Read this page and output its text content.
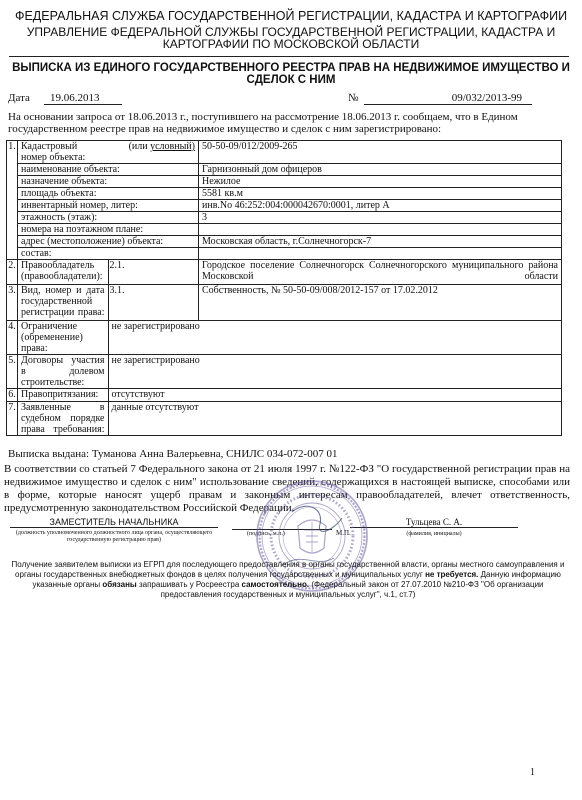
ФЕДЕРАЛЬНАЯ СЛУЖБА ГОСУДАРСТВЕННОЙ РЕГИСТРАЦИИ, КАДАСТРА И КАРТОГРАФИИ
УПРАВЛЕНИЕ ФЕДЕРАЛЬНОЙ СЛУЖБЫ ГОСУДАРСТВЕННОЙ РЕГИСТРАЦИИ, КАДАСТРА И КАРТОГРАФИИ ПО МОСКОВСКОЙ ОБЛАСТИ
ВЫПИСКА ИЗ ЕДИНОГО ГОСУДАРСТВЕННОГО РЕЕСТРА ПРАВ НА НЕДВИЖИМОЕ ИМУЩЕСТВО И СДЕЛОК С НИМ
Дата	19.06.2013	№	09/032/2013-99
На основании запроса от 18.06.2013 г., поступившего на рассмотрение 18.06.2013 г. сообщаем, что в Едином государственном реестре прав на недвижимое имущество и сделок с ним зарегистрировано:
1.	Кадастровый (или условный)
номер объекта:		50-50-09/012/2009-265
	наименование объекта:		Гарнизонный дом офицеров
	назначение объекта:		Нежилое
	площадь объекта:		5581 кв.м
	инвентарный номер, литер:		инв.No 46:252:004:000042670:0001, литер А
	этажность (этаж):		3
	номера на поэтажном плане:		
	адрес (местоположение) объекта:		Московская область, г.Солнечногорск-7
	состав:		
2.	Правообладатель (правообладатели):	2.1.	Городское поселение Солнечногорск Солнечногорского муниципального района Московской области
3.	Вид, номер и дата государственной регистрации права:	3.1.	Собственность, № 50-50-09/008/2012-157 от 17.02.2012
4.	Ограничение (обременение) права:	не зарегистрировано	
5.	Договоры участия в долевом строительстве:	не зарегистрировано	
6.	Правопритязания:	отсутствуют	
7.	Заявленные в судебном порядке права требования:	данные отсутствуют	
Выписка выдана: Туманова Анна Валерьевна, СНИЛС 034-072-007 01
В соответствии со статьей 7 Федерального закона от 21 июля 1997 г. №122-ФЗ "О государственной регистрации прав на недвижимое имущество и сделок с ним" использование сведений, содержащихся в настоящей выписке, способами или в форме, которые наносят ущерб правам и законным интересам правообладателей, влечет ответственность, предусмотренную законодательством Российской Федерации.
ЗАМЕСТИТЕЛЬ НАЧАЛЬНИКА
(должность уполномоченного должностного лица органа, осуществляющего государственную регистрацию прав)
(подпись, м.п.)	М.П.
Тульцева С. А.
(фамилия, инициалы)
Получение заявителем выписки из ЕГРП для последующего предоставления в органы государственной власти, органы местного самоуправления и органы государственных внебюджетных фондов в целях получения государственных и муниципальных услуг не требуется. Данную информацию указанные органы обязаны запрашивать у Росреестра самостоятельно. (Федеральный закон от 27.07.2010 №210-ФЗ "Об организации предоставления государственных и муниципальных услуг", ч.1, ст.7)
1
